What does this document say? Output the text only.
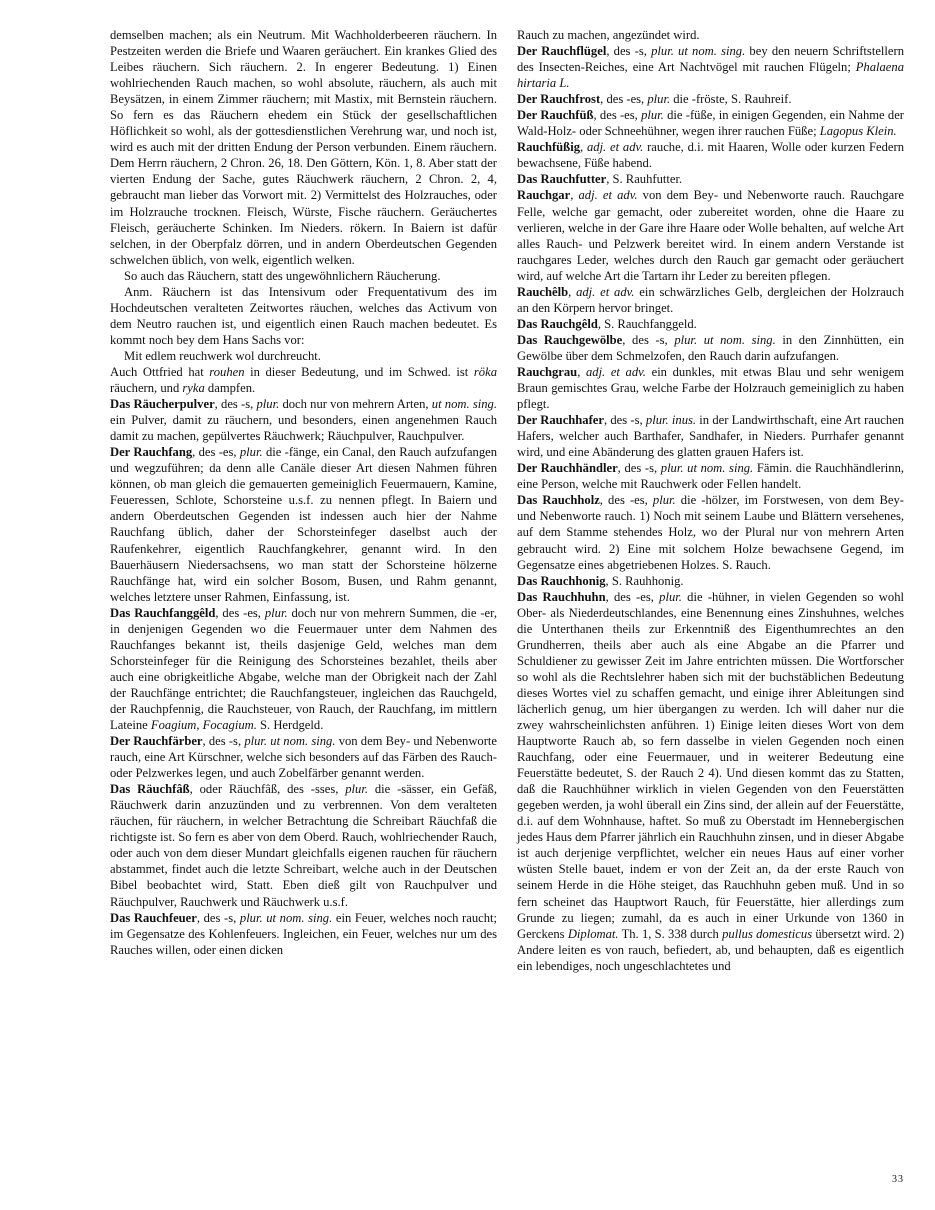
demselben machen; als ein Neutrum. Mit Wachholderbeeren räuchern. In Pestzeiten werden die Briefe und Waaren geräuchert. Ein krankes Glied des Leibes räuchern. Sich räuchern. 2. In engerer Bedeutung. 1) Einen wohlriechenden Rauch machen, so wohl absolute, räuchern, als auch mit Beysätzen, in einem Zimmer räuchern; mit Mastix, mit Bernstein räuchern. So fern es das Räuchern ehedem ein Stück der gesellschaftlichen Höflichkeit so wohl, als der gottesdienstlichen Verehrung war, und noch ist, wird es auch mit der dritten Endung der Person verbunden. Einem räuchern. Dem Herrn räuchern, 2 Chron. 26, 18. Den Göttern, Kön. 1, 8. Aber statt der vierten Endung der Sache, gutes Räuchwerk räuchern, 2 Chron. 2, 4, gebraucht man lieber das Vorwort mit. 2) Vermittelst des Holzrauches, oder im Holzrauche trocknen. Fleisch, Würste, Fische räuchern. Geräuchertes Fleisch, geräucherte Schinken. Im Nieders. rökern. In Baiern ist dafür selchen, in der Oberpfalz dörren, und in andern Oberdeutschen Gegenden schwelchen üblich, von welk, eigentlich welken.

So auch das Räuchern, statt des ungewöhnlichern Räucherung.

Anm. Räuchern ist das Intensivum oder Frequentativum des im Hochdeutschen veralteten Zeitwortes räuchen, welches das Activum von dem Neutro rauchen ist, und eigentlich einen Rauch machen bedeutet. Es kommt noch bey dem Hans Sachs vor:

Mit edlem reuchwerk wol durchreucht.

Auch Ottfried hat rouhen in dieser Bedeutung, und im Schwed. ist röka räuchern, und ryka dampfen.

Das Räucherpulver, des -s, plur. doch nur von mehrern Arten, ut nom. sing. ein Pulver, damit zu räuchern, und besonders, einen angenehmen Rauch damit zu machen, gepülvertes Räuchwerk; Räuchpulver, Rauchpulver.

Der Rauchfang, des -es, plur. die -fänge, ein Canal, den Rauch aufzufangen und wegzuführen; da denn alle Canäle dieser Art diesen Nahmen führen können, ob man gleich die gemauerten gemeiniglich Feuermauern, Kamine, Feueressen, Schlote, Schorsteine u.s.f. zu nennen pflegt. In Baiern und andern Oberdeutschen Gegenden ist indessen auch hier der Nahme Rauchfang üblich, daher der Schorsteinfeger daselbst auch der Raufenkehrer, eigentlich Rauchfangkehrer, genannt wird. In den Bauerhäusern Niedersachsens, wo man statt der Schorsteine hölzerne Rauchfänge hat, wird ein solcher Bosom, Busen, und Rahm genannt, welches letztere unser Rahmen, Einfassung, ist.

Das Rauchfanggêld, des -es, plur. doch nur von mehrern Summen, die -er, in denjenigen Gegenden wo die Feuermauer unter dem Nahmen des Rauchfanges bekannt ist, theils dasjenige Geld, welches man dem Schorsteinfeger für die Reinigung des Schorsteines bezahlet, theils aber auch eine obrigkeitliche Abgabe, welche man der Obrigkeit nach der Zahl der Rauchfänge entrichtet; die Rauchfangsteuer, ingleichen das Rauchgeld, der Rauchpfennig, die Rauchsteuer, von Rauch, der Rauchfang, im mittlern Lateine Foagium, Focagium. S. Herdgeld.

Der Rauchfärber, des -s, plur. ut nom. sing. von dem Bey- und Nebenworte rauch, eine Art Kürschner, welche sich besonders auf das Färben des Rauch- oder Pelzwerkes legen, und auch Zobelfärber genannt werden.

Das Räuchfâß, oder Räuchfâß, des -sses, plur. die -sässer, ein Gefäß, Räuchwerk darin anzuzünden und zu verbrennen. Von dem veralteten räuchen, für räuchern, in welcher Betrachtung die Schreibart Räuchfaß die richtigste ist. So fern es aber von dem Oberd. Rauch, wohlriechender Rauch, oder auch von dem dieser Mundart gleichfalls eigenen rauchen für räuchern abstammet, findet auch die letzte Schreibart, welche auch in der Deutschen Bibel beobachtet wird, Statt. Eben dieß gilt von Rauchpulver und Räuchpulver, Rauchwerk und Räuchwerk u.s.f.

Das Rauchfeuer, des -s, plur. ut nom. sing. ein Feuer, welches noch raucht; im Gegensatze des Kohlenfeuers. Ingleichen, ein Feuer, welches nur um des Rauches willen, oder einen dicken

Rauch zu machen, angezündet wird.

Der Rauchflügel, des -s, plur. ut nom. sing. bey den neuern Schriftstellern des Insecten-Reiches, eine Art Nachtvögel mit rauchen Flügeln; Phalaena hirtaria L.

Der Rauchfrost, des -es, plur. die -fröste, S. Rauhreif.

Der Rauchfüß, des -es, plur. die -füße, in einigen Gegenden, ein Nahme der Wald-Holz- oder Schneehühner, wegen ihrer rauchen Füße; Lagopus Klein.

Rauchfüßig, adj. et adv. rauche, d.i. mit Haaren, Wolle oder kurzen Federn bewachsene, Füße habend.

Das Rauchfutter, S. Rauhfutter.

Rauchgar, adj. et adv. von dem Bey- und Nebenworte rauch. Rauchgare Felle, welche gar gemacht, oder zubereitet worden, ohne die Haare zu verlieren, welche in der Gare ihre Haare oder Wolle behalten, auf welche Art alles Rauch- und Pelzwerk bereitet wird. In einem andern Verstande ist rauchgares Leder, welches durch den Rauch gar gemacht oder geräuchert wird, auf welche Art die Tartarn ihr Leder zu bereiten pflegen.

Rauchêlb, adj. et adv. ein schwärzliches Gelb, dergleichen der Holzrauch an den Körpern hervor bringet.

Das Rauchgêld, S. Rauchfanggeld.

Das Rauchgewölbe, des -s, plur. ut nom. sing. in den Zinnhütten, ein Gewölbe über dem Schmelzofen, den Rauch darin aufzufangen.

Rauchgrau, adj. et adv. ein dunkles, mit etwas Blau und sehr wenigem Braun gemischtes Grau, welche Farbe der Holzrauch gemeiniglich zu haben pflegt.

Der Rauchhafer, des -s, plur. inus. in der Landwirthschaft, eine Art rauchen Hafers, welcher auch Barthafer, Sandhafer, in Nieders. Purrhafer genannt wird, und eine Abänderung des glatten grauen Hafers ist.

Der Rauchhändler, des -s, plur. ut nom. sing. Fämin. die Rauchhändlerinn, eine Person, welche mit Rauchwerk oder Fellen handelt.

Das Rauchholz, des -es, plur. die -hölzer, im Forstwesen, von dem Bey- und Nebenworte rauch. 1) Noch mit seinem Laube und Blättern versehenes, auf dem Stamme stehendes Holz, wo der Plural nur von mehrern Arten gebraucht wird. 2) Eine mit solchem Holze bewachsene Gegend, im Gegensatze eines abgetriebenen Holzes. S. Rauch.

Das Rauchhonig, S. Rauhhonig.

Das Rauchhuhn, des -es, plur. die -hühner, in vielen Gegenden so wohl Ober- als Niederdeutschlandes, eine Benennung eines Zinshuhnes, welches die Unterthanen theils zur Erkenntniß des Eigenthumrechtes an den Grundherren, theils aber auch als eine Abgabe an die Pfarrer und Schuldiener zu gewisser Zeit im Jahre entrichten müssen. Die Wortforscher so wohl als die Rechtslehrer haben sich mit der buchstäblichen Bedeutung dieses Wortes viel zu schaffen gemacht, und einige ihrer Ableitungen sind lächerlich genug, um hier übergangen zu werden. Ich will daher nur die zwey wahrscheinlichsten anführen. 1) Einige leiten dieses Wort von dem Hauptworte Rauch ab, so fern dasselbe in vielen Gegenden noch einen Rauchfang, oder eine Feuermauer, und in weiterer Bedeutung eine Feuerstätte bedeutet, S. der Rauch 2 4). Und diesen kommt das zu Statten, daß die Rauchhühner wirklich in vielen Gegenden von den Feuerstätten gegeben werden, ja wohl überall ein Zins sind, der allein auf der Feuerstätte, d.i. auf dem Wohnhause, haftet. So muß zu Oberstadt im Hennebergischen jedes Haus dem Pfarrer jährlich ein Rauchhuhn zinsen, und in dieser Abgabe ist auch derjenige verpflichtet, welcher ein neues Haus auf einer vorher wüsten Stelle bauet, indem er von der Zeit an, da der erste Rauch von seinem Herde in die Höhe steiget, das Rauchhuhn geben muß. Und in so fern scheinet das Hauptwort Rauch, für Feuerstätte, hier allerdings zum Grunde zu liegen; zumahl, da es auch in einer Urkunde von 1360 in Gerckens Diplomat. Th. 1, S. 338 durch pullus domesticus übersetzt wird. 2) Andere leiten es von rauch, befiedert, ab, und behaupten, daß es eigentlich ein lebendiges, noch ungeschlachtetes und

33
